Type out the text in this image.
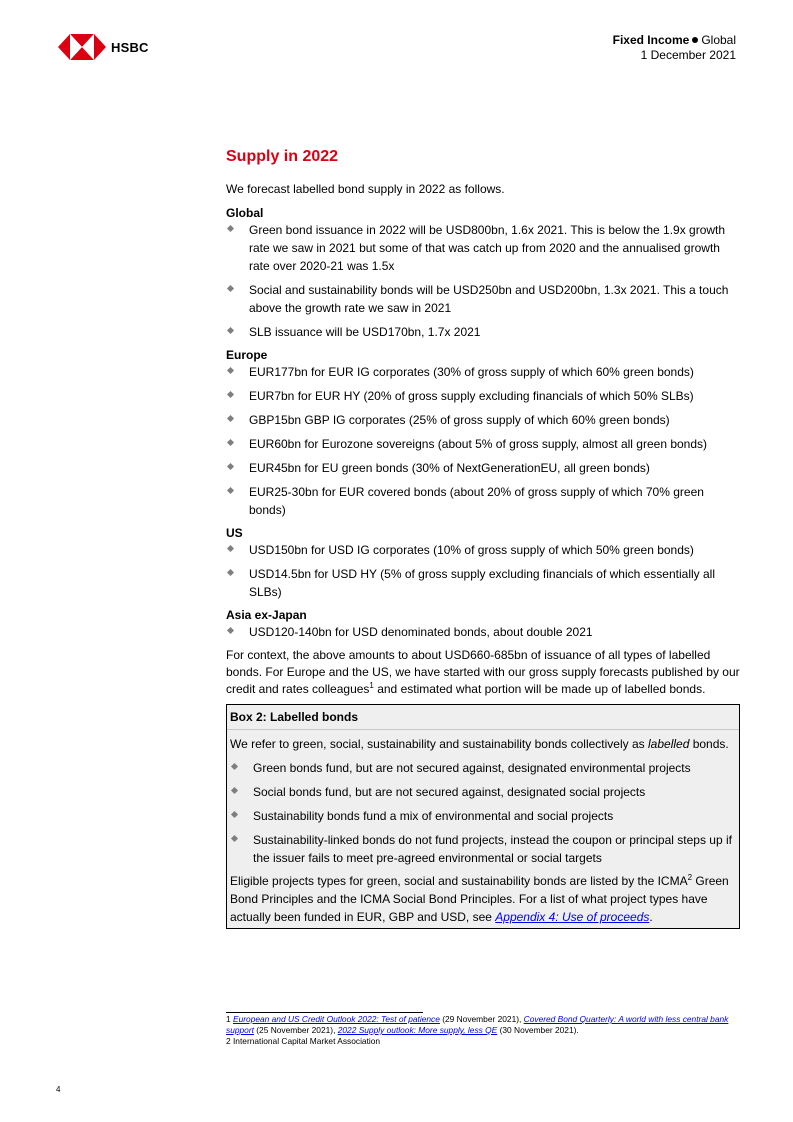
HSBC	Fixed Income Global
1 December 2021
Supply in 2022

We forecast labelled bond supply in 2022 as follows.

Global
Green bond issuance in 2022 will be USD800bn, 1.6x 2021. This is below the 1.9x growth rate we saw in 2021 but some of that was catch up from 2020 and the annualised growth rate over 2020-21 was 1.5x
Social and sustainability bonds will be USD250bn and USD200bn, 1.3x 2021. This a touch above the growth rate we saw in 2021
SLB issuance will be USD170bn, 1.7x 2021
Europe
EUR177bn for EUR IG corporates (30% of gross supply of which 60% green bonds)
EUR7bn for EUR HY (20% of gross supply excluding financials of which 50% SLBs)
GBP15bn GBP IG corporates (25% of gross supply of which 60% green bonds)
EUR60bn for Eurozone sovereigns (about 5% of gross supply, almost all green bonds)
EUR45bn for EU green bonds (30% of NextGenerationEU, all green bonds)
EUR25-30bn for EUR covered bonds (about 20% of gross supply of which 70% green bonds)
US
USD150bn for USD IG corporates (10% of gross supply of which 50% green bonds)
USD14.5bn for USD HY (5% of gross supply excluding financials of which essentially all SLBs)
Asia ex-Japan
USD120-140bn for USD denominated bonds, about double 2021

For context, the above amounts to about USD660-685bn of issuance of all types of labelled bonds. For Europe and the US, we have started with our gross supply forecasts published by our credit and rates colleagues$^1$ and estimated what portion will be made up of labelled bonds.

Box 2: Labelled bonds

We refer to green, social, sustainability and sustainability bonds collectively as labelled bonds.

Green bonds fund, but are not secured against, designated environmental projects
Social bonds fund, but are not secured against, designated social projects
Sustainability bonds fund a mix of environmental and social projects
Sustainability-linked bonds do not fund projects, instead the coupon or principal steps up if the issuer fails to meet pre-agreed environmental or social targets

Eligible projects types for green, social and sustainability bonds are listed by the ICMA$^2$ Green Bond Principles and the ICMA Social Bond Principles. For a list of what project types have actually been funded in EUR, GBP and USD, see Appendix 4: Use of proceeds.

1 European and US Credit Outlook 2022: Test of patience (29 November 2021), Covered Bond Quarterly: A world with less central bank support (25 November 2021), 2022 Supply outlook: More supply, less QE (30 November 2021).
2 International Capital Market Association
4
